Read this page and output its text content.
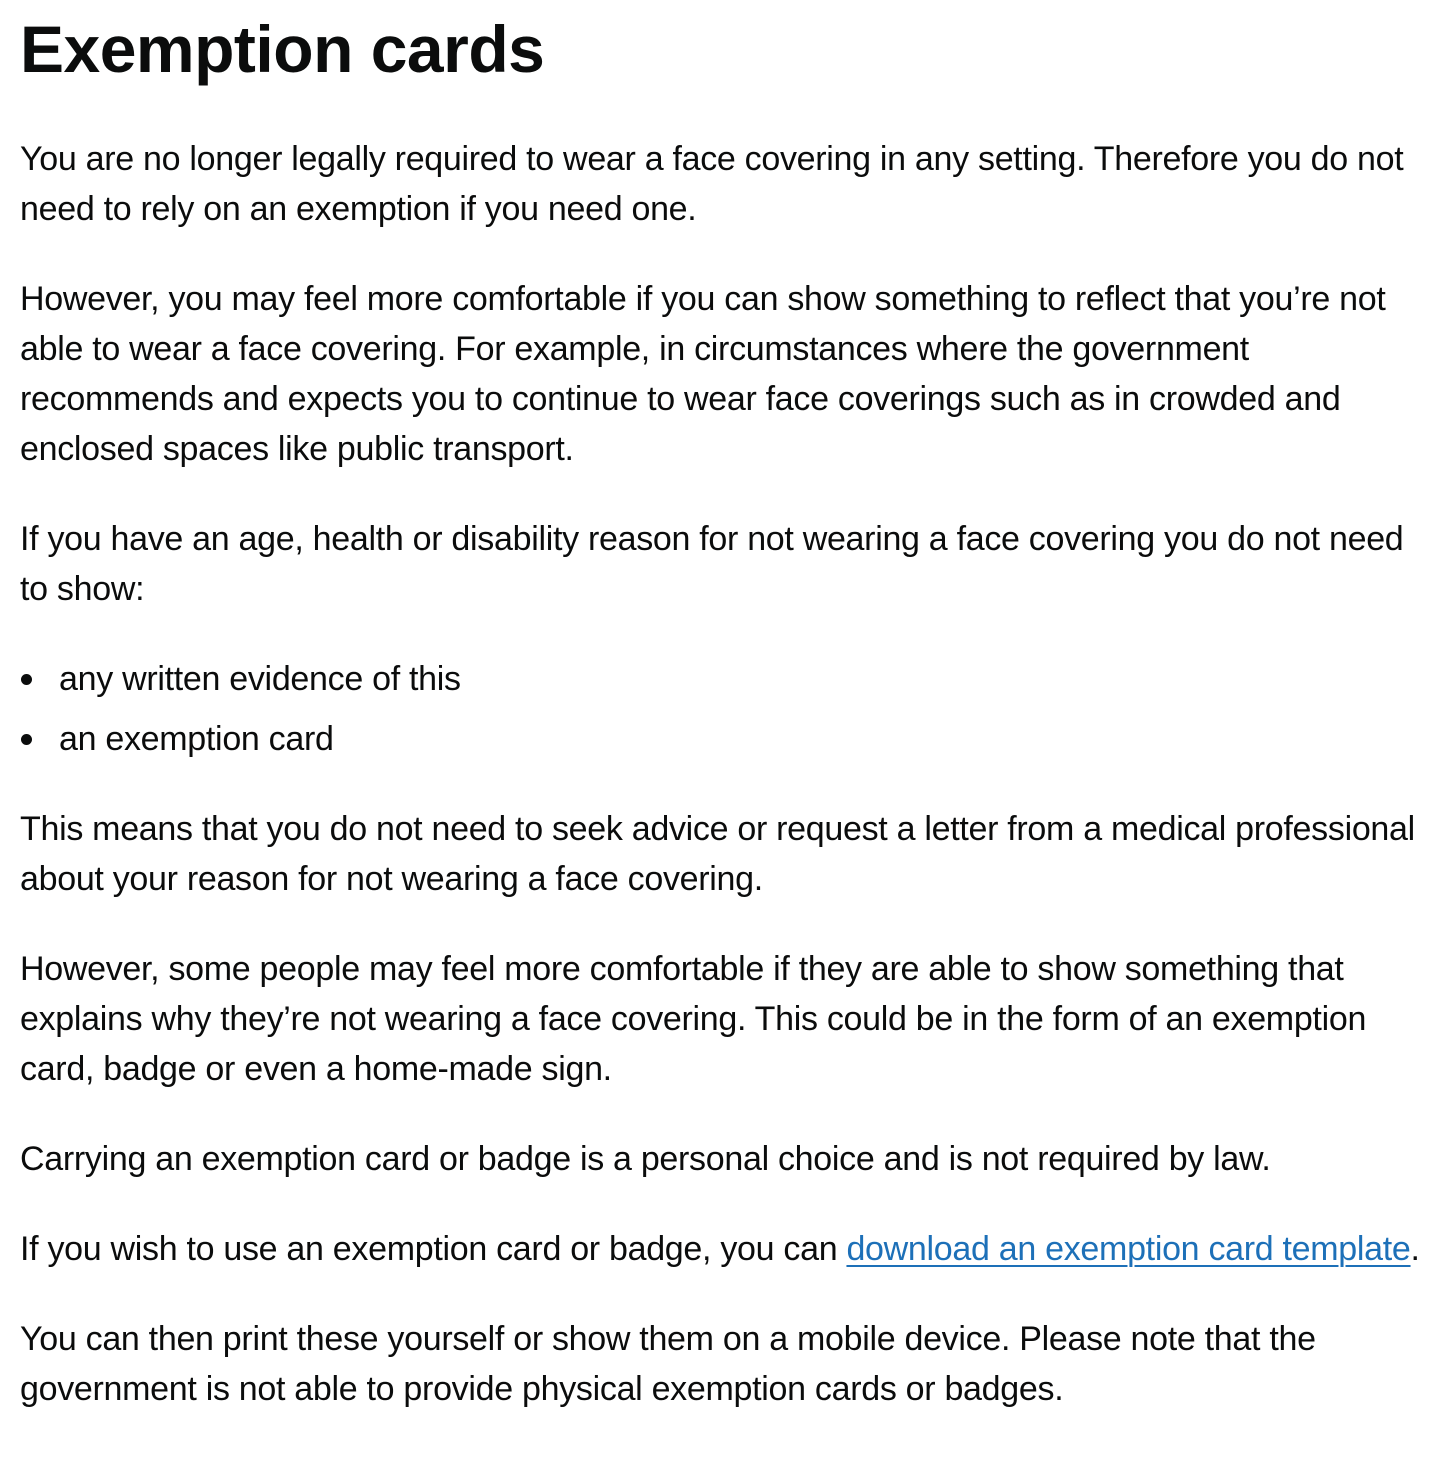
Exemption cards

You are no longer legally required to wear a face covering in any setting. Therefore you do not need to rely on an exemption if you need one.

However, you may feel more comfortable if you can show something to reflect that you’re not able to wear a face covering. For example, in circumstances where the government recommends and expects you to continue to wear face coverings such as in crowded and enclosed spaces like public transport.

If you have an age, health or disability reason for not wearing a face covering you do not need to show:

any written evidence of this
an exemption card

This means that you do not need to seek advice or request a letter from a medical professional about your reason for not wearing a face covering.

However, some people may feel more comfortable if they are able to show something that explains why they’re not wearing a face covering. This could be in the form of an exemption card, badge or even a home-made sign.

Carrying an exemption card or badge is a personal choice and is not required by law.

If you wish to use an exemption card or badge, you can download an exemption card template.

You can then print these yourself or show them on a mobile device. Please note that the government is not able to provide physical exemption cards or badges.
